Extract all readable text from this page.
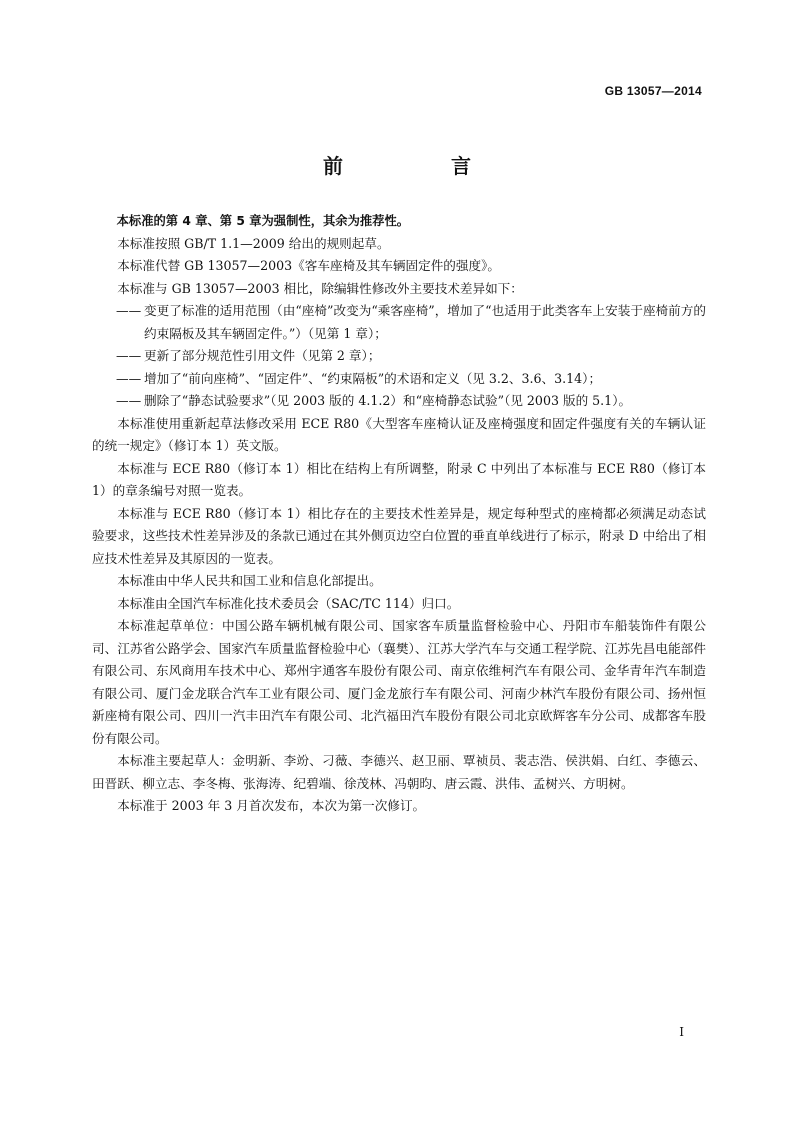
GB 13057—2014
前　言

本标准的第 4 章、第 5 章为强制性，其余为推荐性。

本标准按照 GB/T 1.1—2009 给出的规则起草。

本标准代替 GB 13057—2003《客车座椅及其车辆固定件的强度》。

本标准与 GB 13057—2003 相比，除编辑性修改外主要技术差异如下：

—— 变更了标准的适用范围（由“座椅”改变为“乘客座椅”，增加了“也适用于此类客车上安装于座椅前方的约束隔板及其车辆固定件。”）（见第 1 章）；
—— 更新了部分规范性引用文件（见第 2 章）；
—— 增加了“前向座椅”、“固定件”、“约束隔板”的术语和定义（见 3.2、3.6、3.14）；
—— 删除了“静态试验要求”（见 2003 版的 4.1.2）和“座椅静态试验”（见 2003 版的 5.1）。

本标准使用重新起草法修改采用 ECE R80《大型客车座椅认证及座椅强度和固定件强度有关的车辆认证的统一规定》（修订本 1）英文版。

本标准与 ECE R80（修订本 1）相比在结构上有所调整，附录 C 中列出了本标准与 ECE R80（修订本 1）的章条编号对照一览表。

本标准与 ECE R80（修订本 1）相比存在的主要技术性差异是，规定每种型式的座椅都必须满足动态试验要求，这些技术性差异涉及的条款已通过在其外侧页边空白位置的垂直单线进行了标示，附录 D 中给出了相应技术性差异及其原因的一览表。

本标准由中华人民共和国工业和信息化部提出。

本标准由全国汽车标准化技术委员会（SAC/TC 114）归口。

本标准起草单位：中国公路车辆机械有限公司、国家客车质量监督检验中心、丹阳市车船装饰件有限公司、江苏省公路学会、国家汽车质量监督检验中心（襄樊）、江苏大学汽车与交通工程学院、江苏先昌电能部件有限公司、东风商用车技术中心、郑州宇通客车股份有限公司、南京依维柯汽车有限公司、金华青年汽车制造有限公司、厦门金龙联合汽车工业有限公司、厦门金龙旅行车有限公司、河南少林汽车股份有限公司、扬州恒新座椅有限公司、四川一汽丰田汽车有限公司、北汽福田汽车股份有限公司北京欧辉客车分公司、成都客车股份有限公司。

本标准主要起草人：金明新、李竕、刁薇、李德兴、赵卫丽、覃祯员、裴志浩、侯洪娟、白红、李德云、田晋跃、柳立志、李冬梅、张海涛、纪碧端、徐茂林、冯朝昀、唐云霞、洪伟、孟树兴、方明树。

本标准于 2003 年 3 月首次发布，本次为第一次修订。

I
